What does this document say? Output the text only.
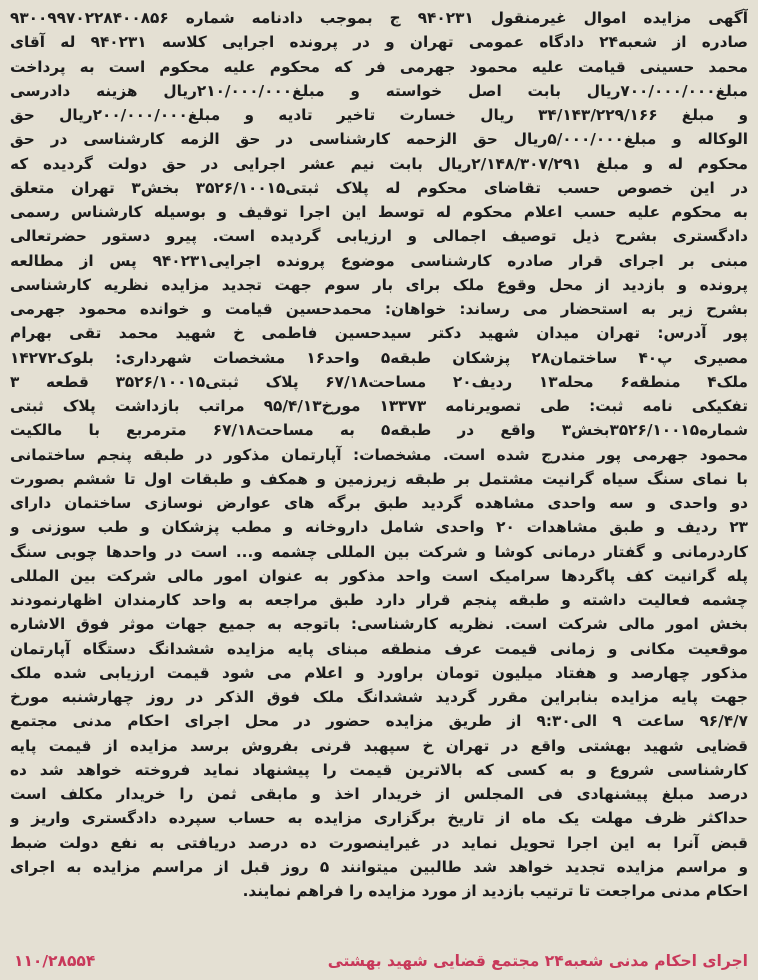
آگهی مزایده اموال غیرمنقول ۹۴۰۲۳۱ ج بموجب دادنامه شماره ۹۳۰۰۹۹۷۰۲۲۸۴۰۰۸۵۶
صادره از شعبه۲۴ دادگاه عمومی تهران و در پرونده اجرایی کلاسه ۹۴۰۲۳۱ له آقای
محمد حسینی قیامت علیه محمود جهرمی فر که محکوم علیه محکوم است به پرداخت
مبلغ۷۰۰/۰۰۰/۰۰۰ریال بابت اصل خواسته و مبلغ۲۱۰/۰۰۰/۰۰۰ریال هزینه دادرسی
و مبلغ ۳۴/۱۴۳/۲۲۹/۱۶۶ ریال خسارت تاخیر تادیه و مبلغ۲۰۰/۰۰۰/۰۰۰ریال حق
الوکاله و مبلغ۵/۰۰۰/۰۰۰ریال حق الزحمه کارشناسی در حق الزمه کارشناسی در حق
محکوم له و مبلغ ۲/۱۴۸/۳۰۷/۲۹۱ریال بابت نیم عشر اجرایی در حق دولت گردیده که
در این خصوص حسب تقاضای محکوم له پلاک ثبتی۳۵۲۶/۱۰۰۱۵ بخش۳ تهران متعلق
به محکوم علیه حسب اعلام محکوم له توسط این اجرا توقیف و بوسیله کارشناس رسمی
دادگستری بشرح ذیل توصیف اجمالی و ارزیابی گردیده است. پیرو دستور حضرتعالی
مبنی بر اجرای قرار صادره کارشناسی موضوع پرونده اجرایی۹۴۰۲۳۱ پس از مطالعه
پرونده و بازدید از محل وقوع ملک برای بار سوم جهت تجدید مزایده نظریه کارشناسی
بشرح زیر به استحضار می رساند: خواهان: محمدحسین قیامت و خوانده محمود جهرمی
پور آدرس: تهران میدان شهید دکتر سیدحسین فاطمی خ شهید محمد تقی بهرام
مصیری پ۴۰ ساختمان۲۸ پزشکان طبقه۵ واحد۱۶ مشخصات شهرداری: بلوک۱۴۲۷۲
ملک۴ منطقه۶ محله۱۳ ردیف۲۰ مساحت۶۷/۱۸ پلاک ثبتی۳۵۲۶/۱۰۰۱۵ قطعه ۳
تفکیکی نامه ثبت: طی تصویرنامه ۱۳۳۷۳ مورخ۹۵/۴/۱۳ مراتب بازداشت پلاک ثبتی
شماره۳۵۲۶/۱۰۰۱۵بخش۳ واقع در طبقه۵ به مساحت۶۷/۱۸ مترمربع با مالکیت
محمود جهرمی پور مندرج شده است. مشخصات: آپارتمان مذکور در طبقه پنجم ساختمانی
با نمای سنگ سیاه گرانیت مشتمل بر طبقه زیرزمین و همکف و طبقات اول تا ششم بصورت
دو واحدی و سه واحدی مشاهده گردید طبق برگه های عوارض نوسازی ساختمان دارای
۲۳ ردیف و طبق مشاهدات ۲۰ واحدی شامل داروخانه و مطب پزشکان و طب سوزنی و
کاردرمانی و گفتار درمانی کوشا و شرکت بین المللی چشمه و... است در واحدها چوبی سنگ
پله گرانیت کف پاگردها سرامیک است واحد مذکور به عنوان امور مالی شرکت بین المللی
چشمه فعالیت داشته و طبقه پنجم قرار دارد طبق مراجعه به واحد کارمندان اظهارنمودند
بخش امور مالی شرکت است. نظریه کارشناسی: باتوجه به جمیع جهات موثر فوق الاشاره
موقعیت مکانی و زمانی قیمت عرف منطقه مبنای پایه مزایده ششدانگ دستگاه آپارتمان
مذکور چهارصد و هفتاد میلیون تومان براورد و اعلام می شود قیمت ارزیابی شده ملک
جهت پایه مزایده بنابراین مقرر گردید ششدانگ ملک فوق الذکر در روز چهارشنبه مورخ
۹۶/۴/۷ ساعت ۹ الی۹:۳۰ از طریق مزایده حضور در محل اجرای احکام مدنی مجتمع
قضایی شهید بهشتی واقع در تهران خ سپهبد قرنی بفروش برسد مزایده از قیمت پایه
کارشناسی شروع و به کسی که بالاترین قیمت را پیشنهاد نماید فروخته خواهد شد ده
درصد مبلغ پیشنهادی فی المجلس از خریدار اخذ و مابقی ثمن را خریدار مکلف است
حداکثر ظرف مهلت یک ماه از تاریخ برگزاری مزایده به حساب سپرده دادگستری واریز و
قبض آنرا به این اجرا تحویل نماید در غیراینصورت ده درصد دریافتی به نفع دولت ضبط
و مراسم مزایده تجدید خواهد شد طالبین میتوانند ۵ روز قبل از مراسم مزایده به اجرای
احکام مدنی مراجعت تا ترتیب بازدید از مورد مزایده را فراهم نمایند.
اجرای احکام مدنی شعبه۲۴ مجتمع قضایی شهید بهشتی
۱۱۰/۲۸۵۵۴
